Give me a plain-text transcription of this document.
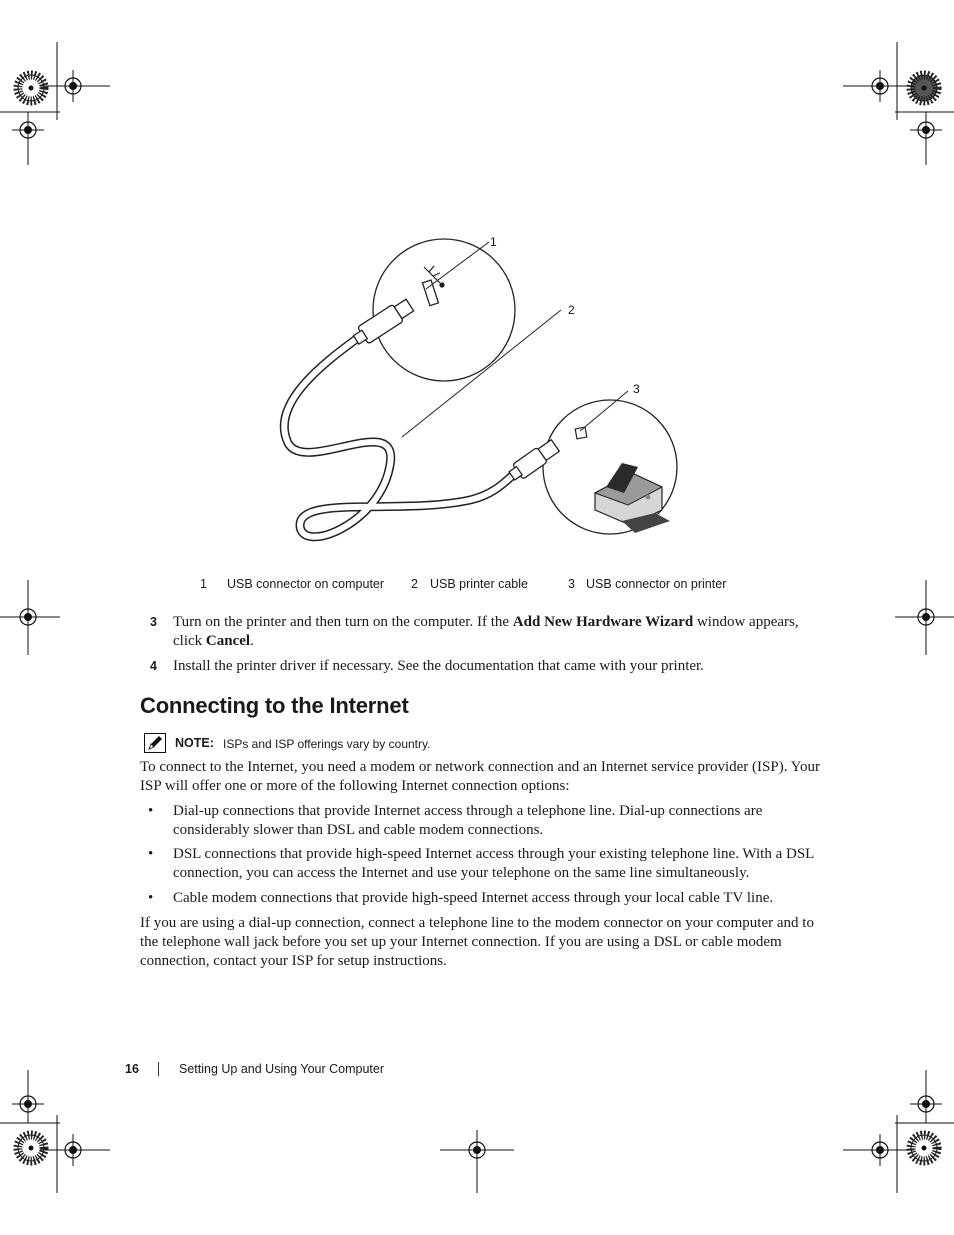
1
2
3
1 USB connector on computer 2 USB printer cable	3 USB connector on printer
3 Turn on the printer and then turn on the computer. If the Add New Hardware Wizard window appears, click Cancel.
4 Install the printer driver if necessary. See the documentation that came with your printer.
Connecting to the Internet
NOTE: ISPs and ISP offerings vary by country.

To connect to the Internet, you need a modem or network connection and an Internet service provider (ISP). Your ISP will offer one or more of the following Internet connection options:

• Dial-up connections that provide Internet access through a telephone line. Dial-up connections are considerably slower than DSL and cable modem connections.
• DSL connections that provide high-speed Internet access through your existing telephone line. With a DSL connection, you can access the Internet and use your telephone on the same line simultaneously.
• Cable modem connections that provide high-speed Internet access through your local cable TV line.

If you are using a dial-up connection, connect a telephone line to the modem connector on your computer and to the telephone wall jack before you set up your Internet connection. If you are using a DSL or cable modem connection, contact your ISP for setup instructions.

16	Setting Up and Using Your Computer
